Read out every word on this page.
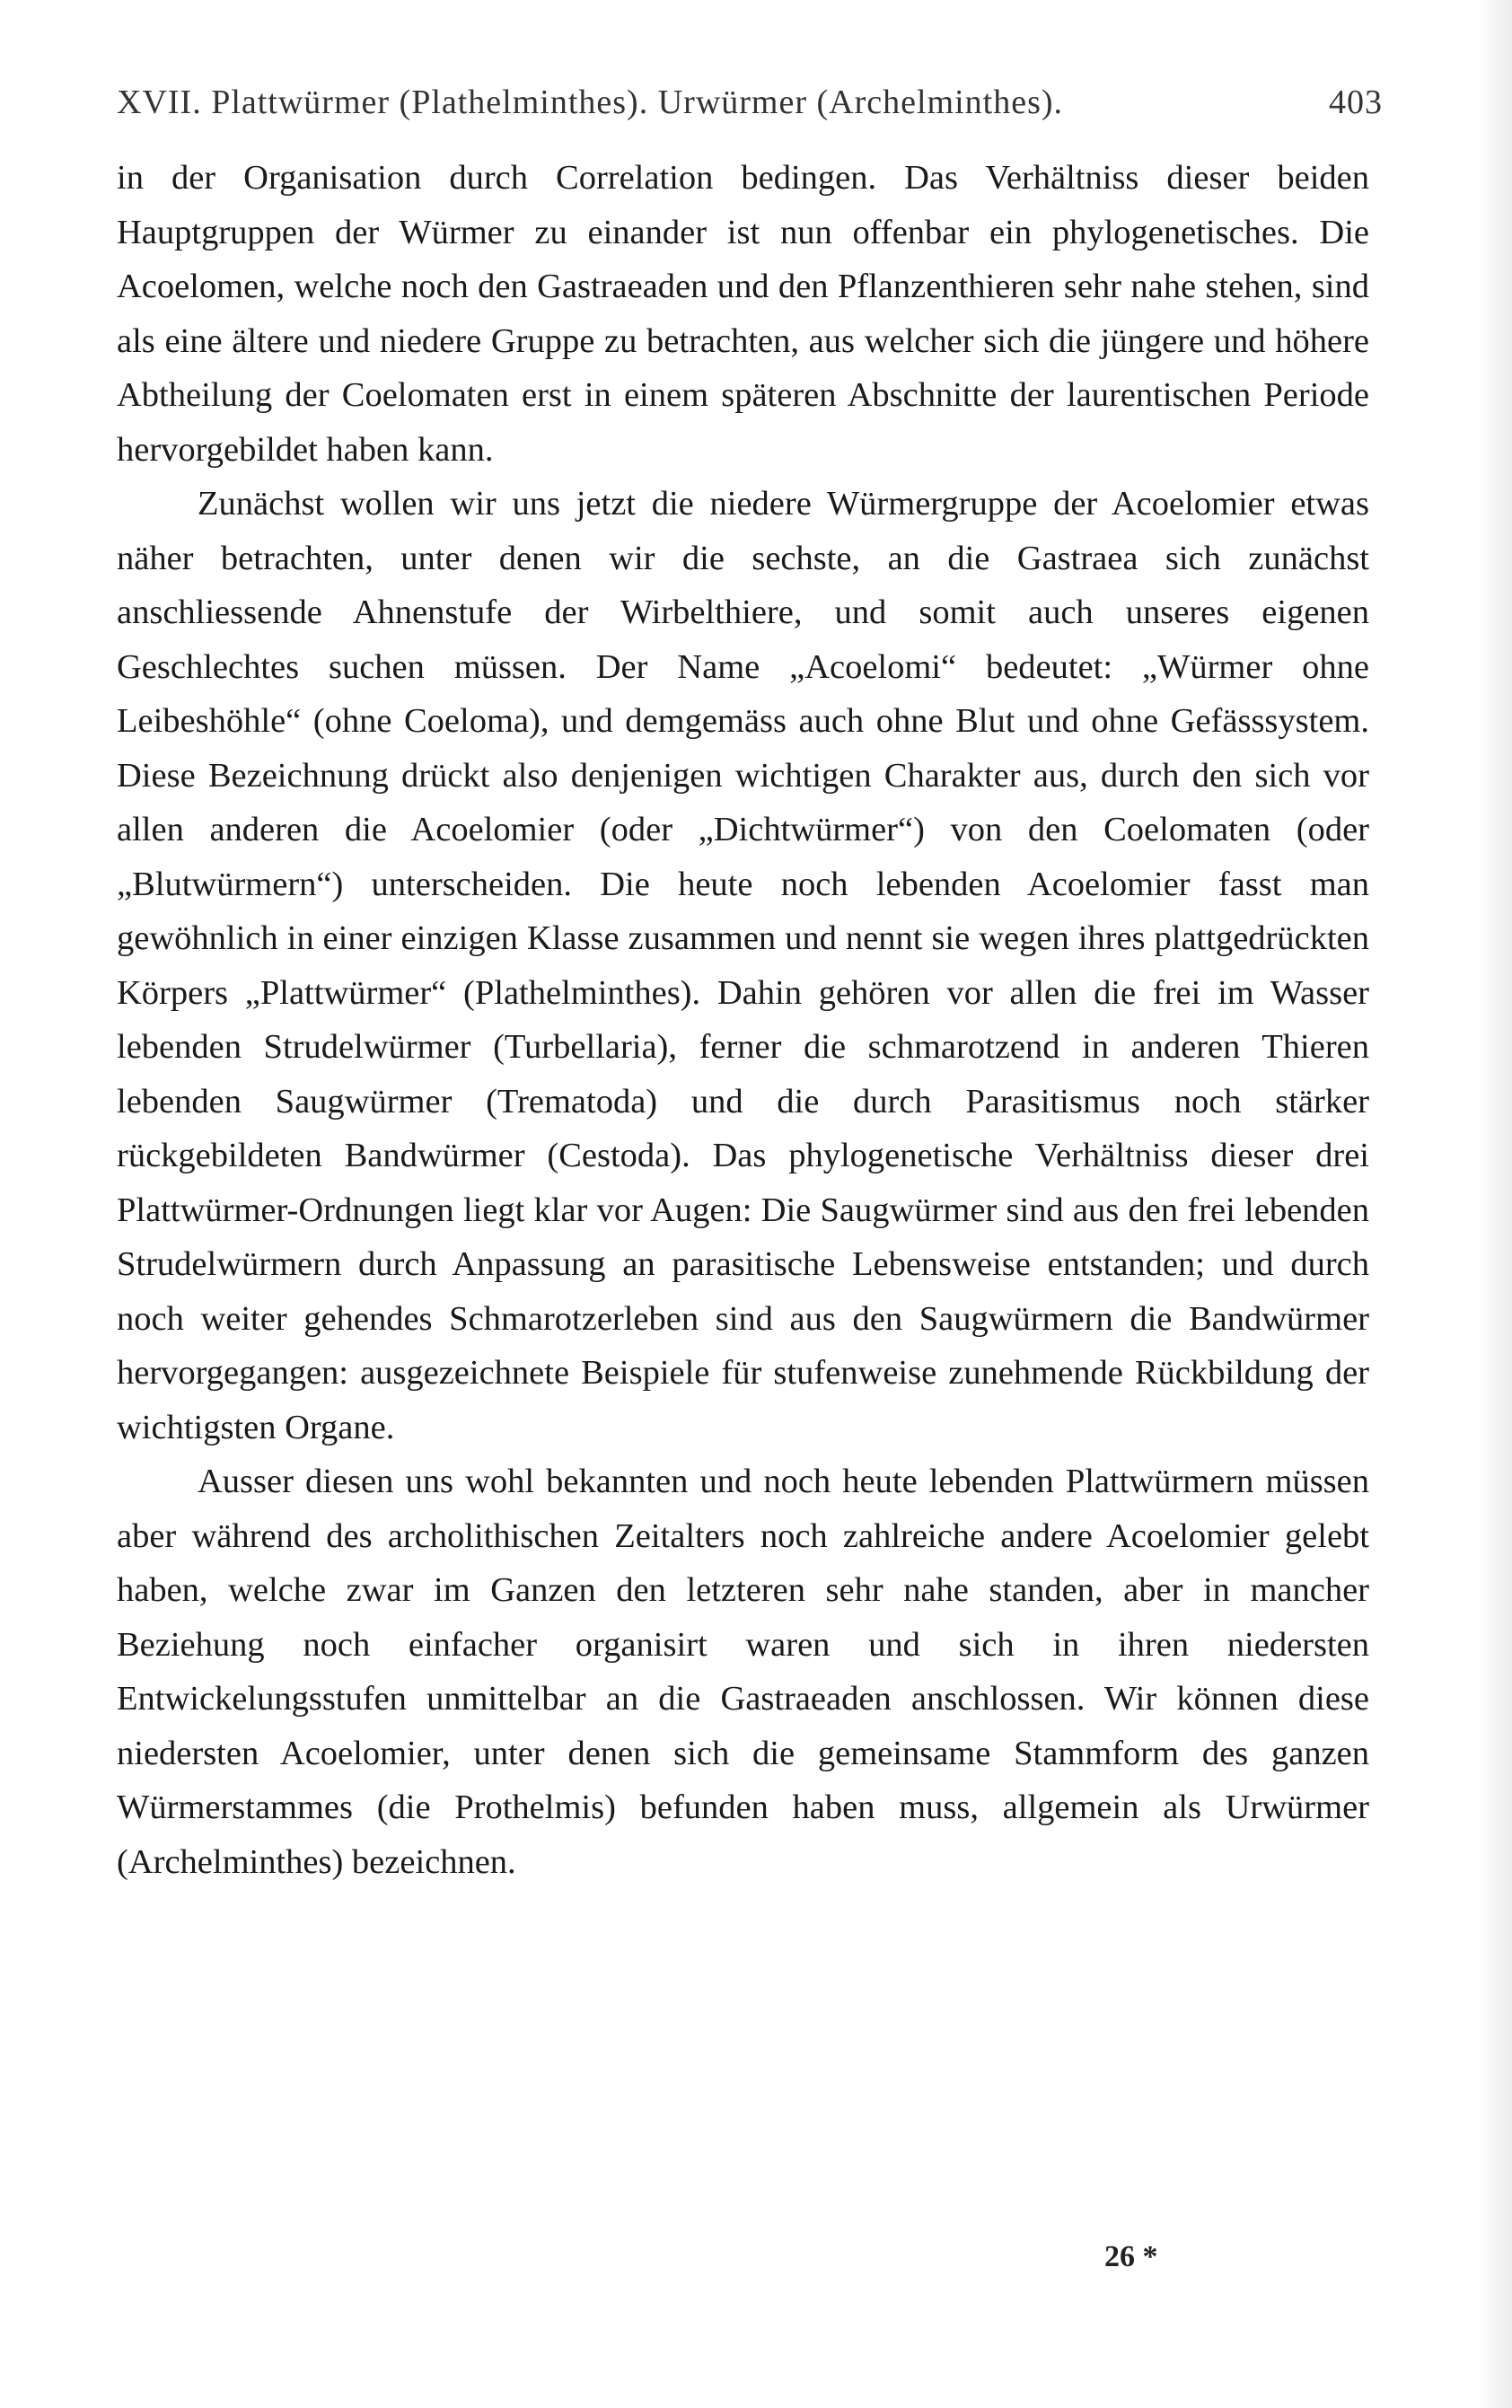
XVII. Plattwürmer (Plathelminthes). Urwürmer (Archelminthes).	403

in der Organisation durch Correlation bedingen. Das Verhältniss dieser beiden Hauptgruppen der Würmer zu einander ist nun offenbar ein phylogenetisches. Die Acoelomen, welche noch den Gastraeaden und den Pflanzenthieren sehr nahe stehen, sind als eine ältere und niedere Gruppe zu betrachten, aus welcher sich die jüngere und höhere Abtheilung der Coelomaten erst in einem späteren Abschnitte der laurentischen Periode hervorgebildet haben kann.

Zunächst wollen wir uns jetzt die niedere Würmergruppe der Acoelomier etwas näher betrachten, unter denen wir die sechste, an die Gastraea sich zunächst anschliessende Ahnenstufe der Wirbelthiere, und somit auch unseres eigenen Geschlechtes suchen müssen. Der Name „Acoelomi“ bedeutet: „Würmer ohne Leibeshöhle“ (ohne Coeloma), und demgemäss auch ohne Blut und ohne Gefässsystem. Diese Bezeichnung drückt also denjenigen wichtigen Charakter aus, durch den sich vor allen anderen die Acoelomier (oder „Dichtwürmer“) von den Coelomaten (oder „Blutwürmern“) unterscheiden. Die heute noch lebenden Acoelomier fasst man gewöhnlich in einer einzigen Klasse zusammen und nennt sie wegen ihres plattgedrückten Körpers „Plattwürmer“ (Plathelminthes). Dahin gehören vor allen die frei im Wasser lebenden Strudelwürmer (Turbellaria), ferner die schmarotzend in anderen Thieren lebenden Saugwürmer (Trematoda) und die durch Parasitismus noch stärker rückgebildeten Bandwürmer (Cestoda). Das phylogenetische Verhältniss dieser drei Plattwürmer-Ordnungen liegt klar vor Augen: Die Saugwürmer sind aus den frei lebenden Strudelwürmern durch Anpassung an parasitische Lebensweise entstanden; und durch noch weiter gehendes Schmarotzerleben sind aus den Saugwürmern die Bandwürmer hervorgegangen: ausgezeichnete Beispiele für stufenweise zunehmende Rückbildung der wichtigsten Organe.

Ausser diesen uns wohl bekannten und noch heute lebenden Plattwürmern müssen aber während des archolithischen Zeitalters noch zahlreiche andere Acoelomier gelebt haben, welche zwar im Ganzen den letzteren sehr nahe standen, aber in mancher Beziehung noch einfacher organisirt waren und sich in ihren niedersten Entwickelungsstufen unmittelbar an die Gastraeaden anschlossen. Wir können diese niedersten Acoelomier, unter denen sich die gemeinsame Stammform des ganzen Würmerstammes (die Prothelmis) befunden haben muss, allgemein als Urwürmer (Archelminthes) bezeichnen.

26 *
